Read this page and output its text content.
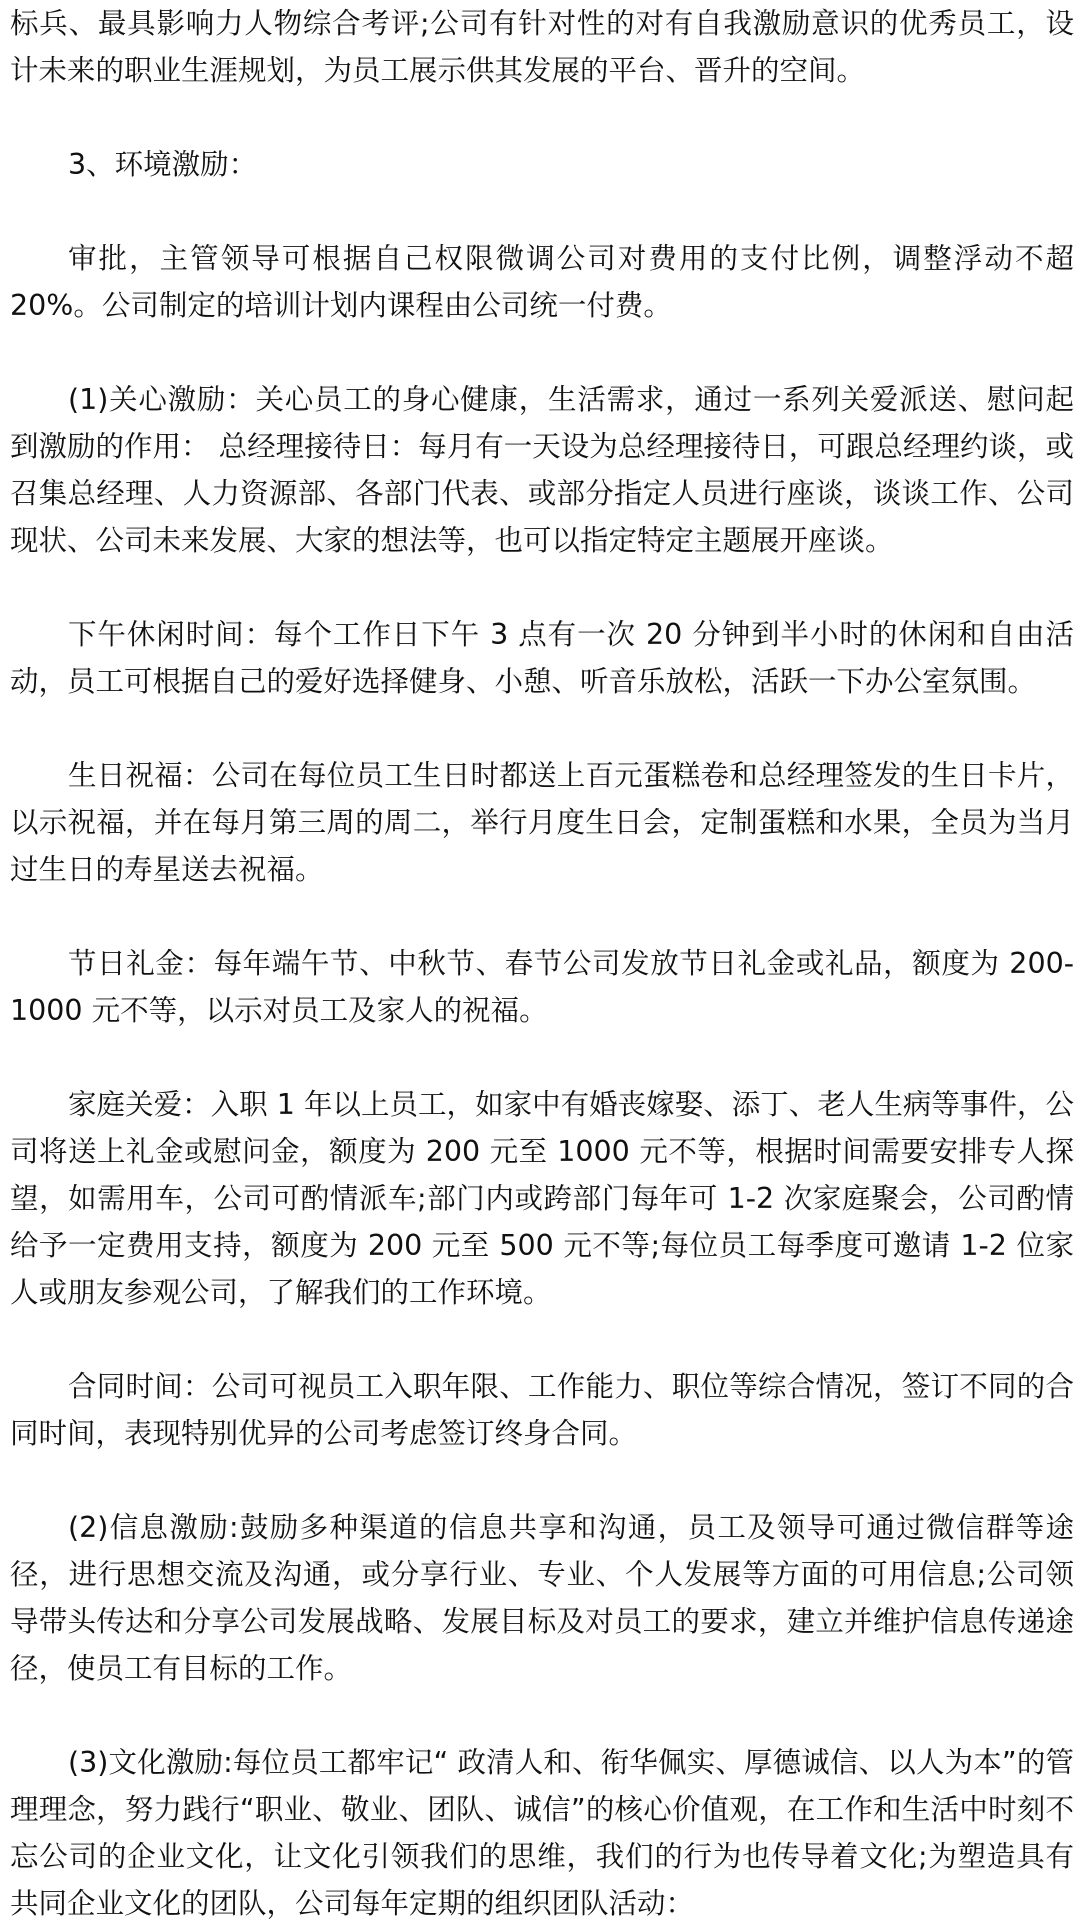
标兵、最具影响力人物综合考评;公司有针对性的对有自我激励意识的优秀员工，设计未来的职业生涯规划，为员工展示供其发展的平台、晋升的空间。

3、环境激励：

审批，主管领导可根据自己权限微调公司对费用的支付比例，调整浮动不超20%。公司制定的培训计划内课程由公司统一付费。

(1)关心激励：关心员工的身心健康，生活需求，通过一系列关爱派送、慰问起到激励的作用： 总经理接待日：每月有一天设为总经理接待日，可跟总经理约谈，或召集总经理、人力资源部、各部门代表、或部分指定人员进行座谈，谈谈工作、公司现状、公司未来发展、大家的想法等，也可以指定特定主题展开座谈。

下午休闲时间：每个工作日下午 3 点有一次 20 分钟到半小时的休闲和自由活动，员工可根据自己的爱好选择健身、小憩、听音乐放松，活跃一下办公室氛围。

生日祝福：公司在每位员工生日时都送上百元蛋糕卷和总经理签发的生日卡片，以示祝福，并在每月第三周的周二，举行月度生日会，定制蛋糕和水果，全员为当月过生日的寿星送去祝福。

节日礼金：每年端午节、中秋节、春节公司发放节日礼金或礼品，额度为 200-1000 元不等，以示对员工及家人的祝福。

家庭关爱：入职 1 年以上员工，如家中有婚丧嫁娶、添丁、老人生病等事件，公司将送上礼金或慰问金，额度为 200 元至 1000 元不等，根据时间需要安排专人探望，如需用车，公司可酌情派车;部门内或跨部门每年可 1-2 次家庭聚会，公司酌情给予一定费用支持，额度为 200 元至 500 元不等;每位员工每季度可邀请 1-2 位家人或朋友参观公司，了解我们的工作环境。

合同时间：公司可视员工入职年限、工作能力、职位等综合情况，签订不同的合同时间，表现特别优异的公司考虑签订终身合同。

(2)信息激励:鼓励多种渠道的信息共享和沟通，员工及领导可通过微信群等途径，进行思想交流及沟通，或分享行业、专业、个人发展等方面的可用信息;公司领导带头传达和分享公司发展战略、发展目标及对员工的要求，建立并维护信息传递途径，使员工有目标的工作。

(3)文化激励:每位员工都牢记“ 政清人和、衔华佩实、厚德诚信、以人为本”的管理理念，努力践行“职业、敬业、团队、诚信”的核心价值观，在工作和生活中时刻不忘公司的企业文化，让文化引领我们的思维，我们的行为也传导着文化;为塑造具有共同企业文化的团队，公司每年定期的组织团队活动：
